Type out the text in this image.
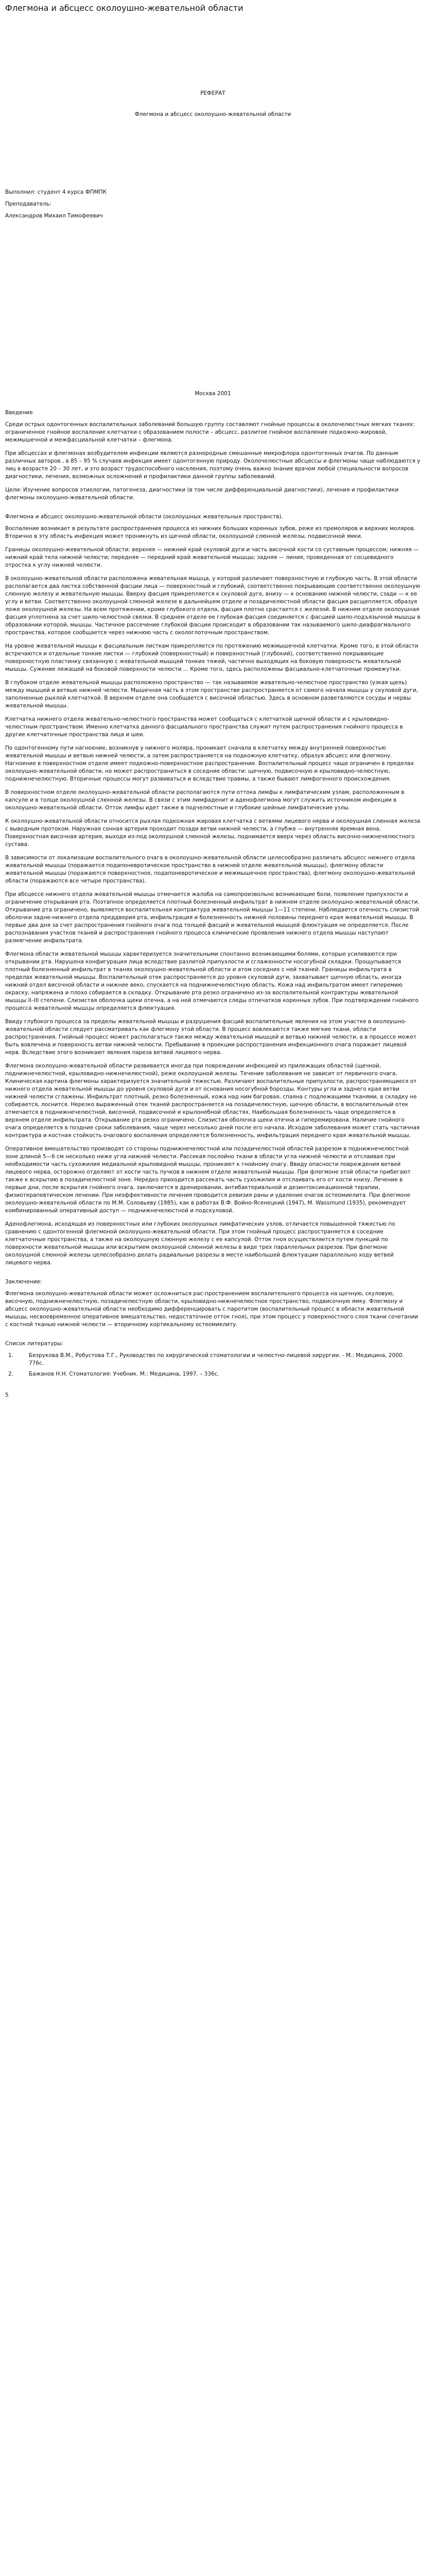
Флегмона и абсцесс околоушно-жевательной области
РЕФЕРАТ
Флегмона и абсцесс околоушно-жевательной области

Выполнил: студент 4 курса ФПМПК

Преподаватель:

Александров Михаил Тимофеевич

Москва 2001

Введение

Среди острых одонтогенных воспалительных заболеваний большую группу составляют гнойные процессы в околочелюстных мягких тканях: ограниченное гнойное воспаление клетчатки с образованием полости – абсцесс, разлитое гнойное воспаление подкожно-жировой, межмышечной и межфасциальной клетчатки – флегмона.

При абсцессах и флегмонах возбудителем инфекции являются разнородные смешанные микрофлора одонтогенных очагов. По данным различных авторов , в 85 – 95 % случаев инфекция имеет одонтогенную природу. Околочелюстные абсцессы и флегмоны чаще наблюдаются у лиц в возрасте 20 – 30 лет, и это возраст трудоспособного населения, поэтому очень важно знание врачом любой специальности вопросов диагностики, лечения, возможных осложнений и профилактики данной группы заболеваний.

Цели: Изучение вопросов этиологии, патогенеза, диагностики (в том числе дифференциальной диагностики), лечения и профилактики флегмоны околоушно-жевательной области.

Флегмона и абсцесс околоушно-жевательной области (околоушных жевательных пространств).

Воспаление возникает в результате распространения процесса из нижних больших коренных зубов, реже из премоляров и верхних моляров. Вторично в эту область инфекция может проникнуть из щечной области, околоушной слюнной железы, подвисочной ямки.

Границы околоушно-жевательной области: верхняя — нижний край скуловой дуги и часть височной кости со суставным процессом; нижняя — нижний край тела нижней челюсти; передняя — передний край жевательной мышцы; задняя — линия, проведенная от сосцевидного отростка к углу нижней челюсти.

В околоушно-жевательной области расположена жевательная мышца, у которой различают поверхностную и глубокую часть. В этой области располагается два листка собственной фасции лица — поверхностный и глубокий, соответственно покрывающие соответственно околоушную слюнную железу и жевательную мышцы. Вверху фасция прикрепляется к скуловой дуге, внизу — к основанию нижней челюсти, сзади — к ее углу и ветви. Соответственно околоушной слюнной железе в дальнейшем отделе и позадичелюстной области фасция расщепляется, образуя ложе околоушной железы. На всем протяжении, кроме глубокого отдела, фасция плотно срастается с железой. В нижнем отделе околоушная фасция уплотнена за счет шило-челюстной связки. В среднем отделе ее глубокая фасция соединяется с фасцией шило-подъязычной мышцы в образовании которой, мышцы. Частичное рассечение глубокой фасции происходит в образовании так называемого шило-диафрагмального пространства, которое сообщается через нижнюю часть с окологлоточным пространством.

На уровне жевательной мышцы к фасциальным листкам прикрепляется по протяжению межмышечной клетчатки. Кроме того, в этой области встречаются и отдельные тонкие листки — глубокий (поверхностный) и поверхностный (глубокий), соответственно покрывающие поверхностную пластинку связанную с жевательной мышцей тонких тяжей, частично выходящих на боковую поверхность жевательной мышцы. Сужение лежащей на боковой поверхности челюсти ... Кроме того, здесь расположены фасциально-клетчаточные промежутки.

В глубоком отделе жевательной мышцы расположено пространство — так называемое жевательно-челюстное пространство (узкая щель) между мышцей и ветвью нижней челюсти. Мышечная часть в этом пространстве распространяется от самого начала мышцы у скуловой дуги, заполненные рыхлой клетчаткой. В верхнем отделе она сообщается с височной областью. Здесь в основном разветвляются сосуды и нервы жевательной мышцы.

Клетчатка нижнего отдела жевательно-челюстного пространства может сообщаться с клетчаткой щечной области и с крыловидно-челюстным пространством. Именно клетчатка данного фасциального пространства служит путем распространения гнойного процесса в другие клетчаточные пространства лица и шеи.

По одонтогенному пути нагноение, возникнув у нижнего моляра, проникает сначала в клетчатку между внутренней поверхностью жевательной мышцы и ветвью нижней челюсти, а затем распространяется на подкожную клетчатку, образуя абсцесс или флегмону. Нагноение в поверхностном отделе имеет подкожно-поверхностное распространение. Воспалительный процесс чаще ограничен в пределах околоушно-жевательной области, но может распространиться в соседние области: щечную, подвисочную и крыловидно-челюстную, поднижнечелюстную. Вторичные процессы могут развиваться и вследствие травмы, а также бывают лимфогенного происхождения.

В поверхностном отделе околоушно-жевательной области располагаются пути оттока лимфы к лимфатическим узлам, расположенным в капсуле и в толще околоушной слюнной железы. В связи с этим лимфаденит и аденофлегмона могут служить источником инфекции в околоушно-жевательной области. Отток лимфы идет также в подчелюстные и глубокие шейные лимфатические узлы.

К околоушно-жевательной области относится рыхлая подкожная жировая клетчатка с ветвями лицевого нерва и околоушная слюнная железа с выводным протоком. Наружная сонная артерия проходит позади ветви нижней челюсти, а глубже — внутренняя яремная вена. Поверхностная височная артерия, выходя из-под околоушной слюнной железы, поднимается вверх через область височно-нижнечелюстного сустава.

В зависимости от локализации воспалительного очага в околоушно-жевательной области целесообразно различать абсцесс нижнего отдела жевательной мышцы (поражается подапоневротическое пространство в нижней отделе жевательной мышцы), флегмону области жевательной мышцы (поражаются поверхностное, подапоневротическое и межмышечное пространства), флегмону околоушно-жевательной области (поражаются все четыре пространства).

При абсцессе нижнего отдела жевательной мышцы отмечается жалоба на самопроизвольно возникающие боли, появление припухлости и ограничение открывания рта. Поэтапное определяется плотный болезненный инфильтрат в нижнем отделе околоушно-жевательной области. Открывание рта ограничено, выявляется воспалительная контрактура жевательной мышцы 1—11 степени. Наблюдается отечность слизистой оболочки задне-нижнего отдела преддверия рта, инфильтрация и болезненность нижней половины переднего края жевательной мышцы. В первые два дня за счет распространения гнойного очага под толщей фасций и жевательной мышцей флюктуация не определяется. После распознавания участков тканей и распространения гнойного процесса клинические проявления нижнего отдела мышцы наступают размягчение инфильтрата.

Флегмона области жевательной мышцы характеризуется значительными спонтанно возникающими болями, которые усиливаются при открывании рта. Нарушена конфигурация лица вследствие разлитой припухлости и сглаженности носогубной складки. Прощупывается плотный болезненный инфильтрат в тканях околоушно-жевательной области и атом соседних с ней тканей. Границы инфильтрата в пределах жевательной мышцы. Воспалительный отек распространяется до уровня скуловой дуги, захватывает щечную область, иногда нижний отдел височной области и нижнее веко, спускается на поднижнечелюстную область. Кожа над инфильтратом имеет гиперемию окраску, напряжена и плохо собирается в складку. Открывание рта резко ограничено из-за воспалительной контрактуры жевательной мышцы II–III степени. Слизистая оболочка щеки отечна, а на ней отмечаются следы отпечатков коренных зубов. При подтверждении гнойного процесса жевательной мышцы определяется флюктуация.

Ввиду глубокого процесса за пределы жевательной мышцы и разрушения фасций воспалительные явления на этом участке в околоушно-жевательной области следует рассматривать как флегмону этой области. В процесс вовлекаются также мягкие ткани, области распространения. Гнойный процесс может располагаться также между жевательной мышцей и ветвью нижней челюсти, а в процессе может быть вовлечена и поверхность ветви нижней челюсти. Пребывание в проекции распространения инфекционного очага поражает лицевой нерв. Вследствие этого возникают явления пареза ветвей лицевого нерва.

Флегмона околоушно-жевательной области развивается иногда при повреждении инфекцией из прилежащих областей (щечной, поднижнечелюстной, крыловидно-нижнечелюстной), реже околоушной железы. Течение заболевания не зависит от первичного очага. Клиническая картина флегмоны характеризуется значительной тяжестью. Различают воспалительные припухлости, распространяющиеся от нижнего отдела жевательной мышцы до уровня скуловой дуги и от основания носогубной борозды. Контуры угла и заднего края ветви нижней челюсти сглажены. Инфильтрат плотный, резко болезненный, кожа над ним багровая, спаяна с подлежащими тканями, в складку не собирается, лоснится. Нерезко выраженный отек тканей распространяется на позадичелюстную, щечную области, в воспалительный отек отмечается в поднижнечелюстной, височной, подвисочной и крылонебной областях. Наибольшая болезненность чаще определяется в верхнем отделе инфильтрата. Открывание рта резко ограничено. Слизистая оболочка щеки отечна и гиперемирована. Наличие гнойного очага определяется в поздние сроки заболевания, чаще через несколько дней после его начала. Исходом заболевания может стать частичная контрактура и костная стойкость очагового воспаления определяется болезненность, инфильтрация переднего края жевательной мышцы.

Оперативное вмешательство производят со стороны поднижнечелюстной или позадичелюстной областей разрезом в поднижнечелюстной зоне длиной 5—6 см несколько ниже угла нижней челюсти. Рассекая послойно ткани в области угла нижней челюсти и отслаивая при необходимости часть сухожилия медиальной крыловидной мышцы, проникают к гнойному очагу. Ввиду опасности повреждения ветвей лицевого нерва, осторожно отделяют от кости часть пучков в нижнем отделе жевательной мышцы. При флегмоне этой области прибегают также к вскрытию в позадичелюстной зоне. Нередко приходится рассекать часть сухожилия и отслаивать его от кости книзу. Лечение в первые дни, после вскрытия гнойного очага, заключается в дренировании, антибактериальной и дезинтоксикационной терапии, физиотерапевтическом лечении. При неэффективности лечения проводится ревизия раны и удаление очагов остеомиелита. При флегмоне околоушно-жевательной области по М.М. Соловьеву (1985), как в работах В.Ф. Войно-Ясенецкий (1947), М. Wassmund (1935), рекомендует комбинированный оперативный доступ — поднижнечелюстной и подскуловой.

Аденофлегмона, исходящая из поверхностных или глубоких околоушных лимфатических узлов, отличается повышенной тяжестью по сравнению с одонтогенной флегмоной околоушно-жевательной области. При этом гнойный процесс распространяется в соседние клетчаточные пространства, а также на околоушную слюнную железу с ее капсулой. Отток гноя осуществляется путем пункций по поверхности жевательной мышцы или вскрытием околоушной слюнной железы в виде трех параллельных разрезов. При флегмоне околоушной слюнной железы целесообразно делать радиальные разрезы в месте наибольшей флюктуации параллельно ходу ветвей лицевого нерва.

Заключение:

Флегмона околоушно-жевательной области может осложниться рас-пространением воспалительного процесса на щечную, скуловую, височную, поднижнечелюстную, позадичелюстную области, крыловидно-нижнечелюстное пространство, подвисочную ямку. Флегмону и абсцесс околоушно-жевательной области необходимо дифференцировать с паротитом (воспалительный процесс в области жевательной мышцы, несвоевременное оперативное вмешательство, недостаточное отток гноя), при этом процесс у поверхностного слоя ткани сочетании с костной тканью нижней челюсти — вторичному кортикальному остеомиелиту.

Список литературы:

1.	Безрукова В.М., Робустова Т.Г., Руководство по хирургической стоматологии и челюстно-лицевой хирургии. - М.: Медицина, 2000. 776с.
2.	Бажанов Н.Н. Стоматология: Учебник. М.: Медицина, 1997. – 336с.
5
